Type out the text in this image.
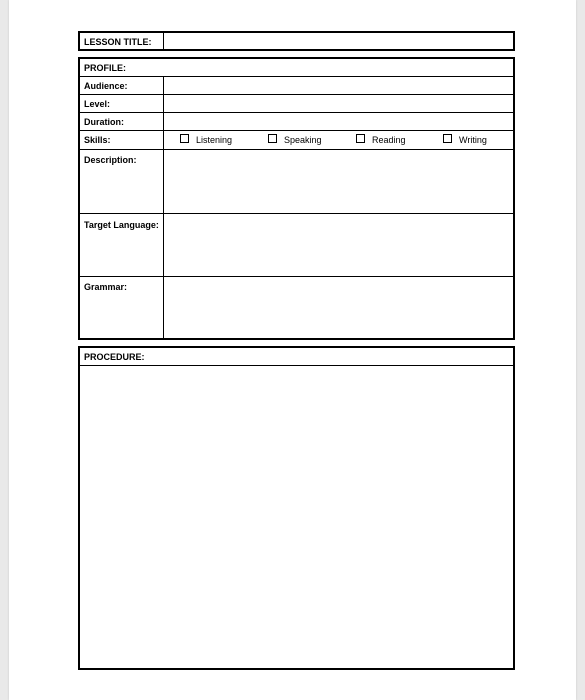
LESSON TITLE:
PROFILE:
Audience:
Level:
Duration:
Skills:	Listening	Speaking	Reading	Writing
Description:
Target Language:
Grammar:
PROCEDURE:
